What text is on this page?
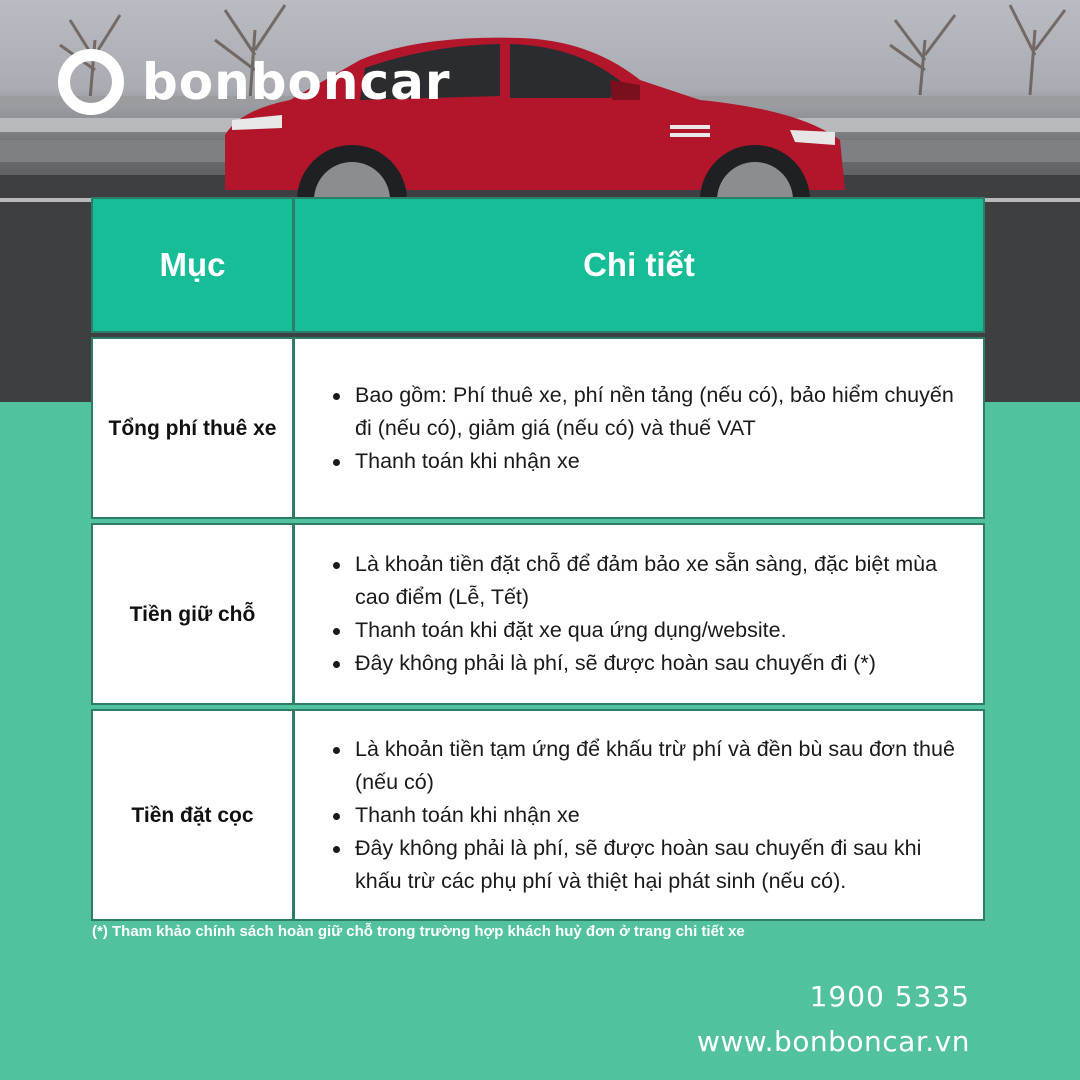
bonboncar
Mục	Chi tiết
Tổng phí thuê xe
Bao gồm: Phí thuê xe, phí nền tảng (nếu có), bảo hiểm chuyến đi (nếu có), giảm giá (nếu có) và thuế VAT
Thanh toán khi nhận xe
Tiền giữ chỗ
Là khoản tiền đặt chỗ để đảm bảo xe sẵn sàng, đặc biệt mùa cao điểm (Lễ, Tết)
Thanh toán khi đặt xe qua ứng dụng/website.
Đây không phải là phí, sẽ được hoàn sau chuyến đi (*)
Tiền đặt cọc
Là khoản tiền tạm ứng để khấu trừ phí và đền bù sau đơn thuê (nếu có)
Thanh toán khi nhận xe
Đây không phải là phí, sẽ được hoàn sau chuyến đi sau khi khấu trừ các phụ phí và thiệt hại phát sinh (nếu có).
(*) Tham khảo chính sách hoàn giữ chỗ trong trường hợp khách huỷ đơn ở trang chi tiết xe
1900 5335
www.bonboncar.vn
